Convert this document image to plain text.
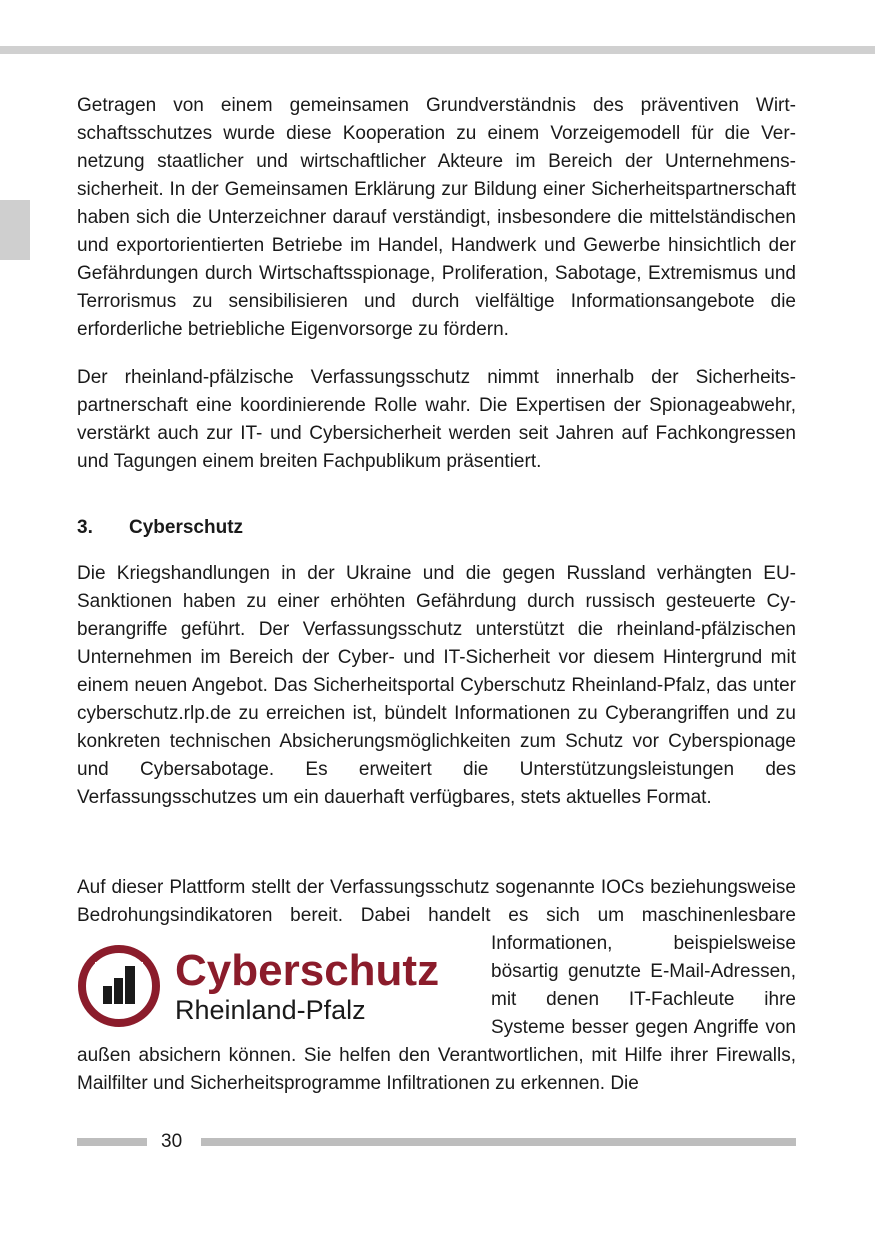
Getragen von einem gemeinsamen Grundverständnis des präventiven Wirtschaftsschutzes wurde diese Kooperation zu einem Vorzeigemodell für die Vernetzung staatlicher und wirtschaftlicher Akteure im Bereich der Unternehmenssicherheit. In der Gemeinsamen Erklärung zur Bildung einer Sicherheitspartnerschaft haben sich die Unterzeichner darauf verständigt, insbesondere die mittelständischen und exportorientierten Betriebe im Handel, Handwerk und Gewerbe hinsichtlich der Gefährdungen durch Wirtschaftsspionage, Proliferation, Sabotage, Extremismus und Terrorismus zu sensibilisieren und durch vielfältige Informationsangebote die erforderliche betriebliche Eigenvorsorge zu fördern.

Der rheinland-pfälzische Verfassungsschutz nimmt innerhalb der Sicherheitspartnerschaft eine koordinierende Rolle wahr. Die Expertisen der Spionageabwehr, verstärkt auch zur IT- und Cybersicherheit werden seit Jahren auf Fachkongressen und Tagungen einem breiten Fachpublikum präsentiert.

3.	Cyberschutz

Die Kriegshandlungen in der Ukraine und die gegen Russland verhängten EU-Sanktionen haben zu einer erhöhten Gefährdung durch russisch gesteuerte Cyberangriffe geführt. Der Verfassungsschutz unterstützt die rheinland-pfälzischen Unternehmen im Bereich der Cyber- und IT-Sicherheit vor diesem Hintergrund mit einem neuen Angebot. Das Sicherheitsportal Cyberschutz Rheinland-Pfalz, das unter cyberschutz.rlp.de zu erreichen ist, bündelt Informationen zu Cyberangriffen und zu konkreten technischen Absicherungsmöglichkeiten zum Schutz vor Cyberspionage und Cybersabotage. Es erweitert die Unterstützungsleistungen des Verfassungsschutzes um ein dauerhaft verfügbares, stets aktuelles Format.

Auf dieser Plattform stellt der Verfassungsschutz sogenannte IOCs beziehungsweise Bedrohungsindikatoren bereit. Dabei handelt es sich um maschinenlesba
Cyberschutz
Rheinland-Pfalz
re Informationen, beispielsweise bösartig genutzte E-Mail-Adressen, mit denen IT-Fachleute ihre Systeme besser gegen Angriffe von außen absichern können. Sie helfen den Verantwortlichen, mit Hilfe ihrer Firewalls, Mailfilter und Sicherheitsprogramme Infiltrationen zu erkennen. Die

30
